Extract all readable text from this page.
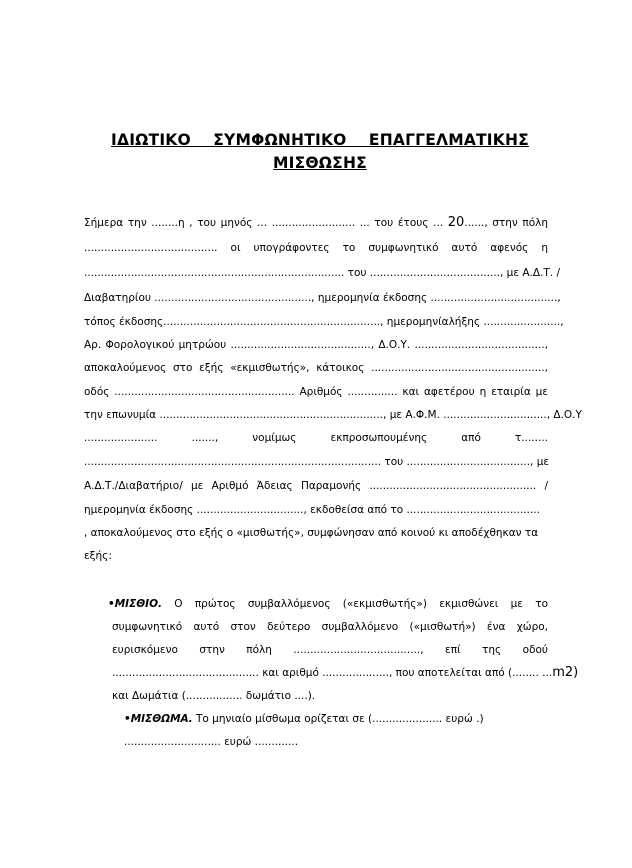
ΙΔΙΩΤΙΚΟ    ΣΥΜΦΩΝΗΤΙΚΟ    ΕΠΑΓΓΕΛΜΑΤΙΚΗΣ
ΜΙΣΘΩΣΗΣ
Σήμερα την ........η , του μηνός ... ......................... ... του έτους ... 20......, στην πόλη
........................................ οι υπογράφοντες το συμφωνητικό αυτό αφενός η
.............................................................................. του ......................................., με Α.Δ.Τ. /
Διαβατηρίου ..............................................., ημερομηνία έκδοσης ......................................,
τόπος έκδοσης................................................................., ημερομηνίαλήξης .......................,
Αρ. Φορολογικού μητρώου .........................................., Δ.Ο.Υ. .......................................,
αποκαλούμενος στο εξής «εκμισθωτής», κάτοικος ....................................................,
οδός ...................................................... Αριθμός ............... και αφετέρου η εταιρία με
την επωνυμία ..................................................................., με Α.Φ.Μ. ..............................., Δ.Ο.Υ
...................... ......., νομίμως εκπροσωπουμένης από τ........
......................................................................................... του ....................................., με
Α.Δ.Τ./Διαβατήριο/ με Αριθμό Άδειας Παραμονής .................................................. /
ημερομηνία έκδοσης ................................, εκδοθείσα από το ........................................
, αποκαλούμενος στο εξής ο «μισθωτής», συμφώνησαν από κοινού κι αποδέχθηκαν τα
εξής:
•ΜΙΣΘΙΟ. Ο πρώτος συμβαλλόμενος («εκμισθωτής») εκμισθώνει με το
συμφωνητικό αυτό στον δεύτερο συμβαλλόμενο («μισθωτή») ένα χώρο,
ευρισκόμενο στην πόλη ......................................, επί της οδού
............................................ και αριθμό ...................., που αποτελείται από (........ ...m2)
και Δωμάτια (................. δωμάτιο ....).
•ΜΙΣΘΩΜΑ. Το μηνιαίο μίσθωμα ορίζεται σε (..................... ευρώ .)
............................. ευρώ .............
